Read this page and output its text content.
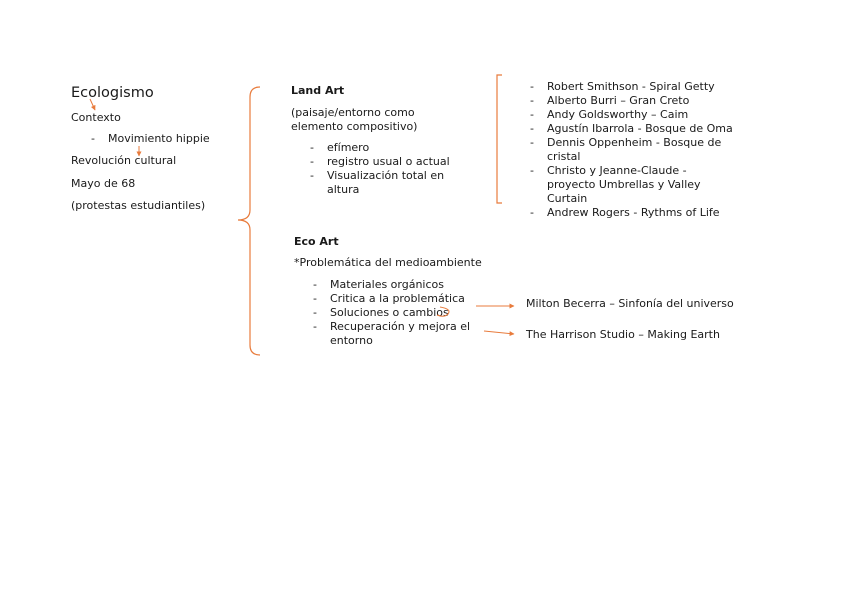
Ecologismo
Contexto
- Movimiento hippie
Revolución cultural
Mayo de 68
(protestas estudiantiles)
Land Art
(paisaje/entorno como
elemento compositivo)
- efímero
- registro usual o actual
- Visualización total en altura
- Robert Smithson - Spiral Getty
- Alberto Burri – Gran Creto
- Andy Goldsworthy – Caim
- Agustín Ibarrola - Bosque de Oma
- Dennis Oppenheim - Bosque de cristal
- Christo y Jeanne-Claude - proyecto Umbrellas y Valley Curtain
- Andrew Rogers - Rythms of Life
Eco Art
*Problemática del medioambiente
- Materiales orgánicos
- Critica a la problemática
- Soluciones o cambios
- Recuperación y mejora el entorno
Milton Becerra – Sinfonía del universo
The Harrison Studio – Making Earth
